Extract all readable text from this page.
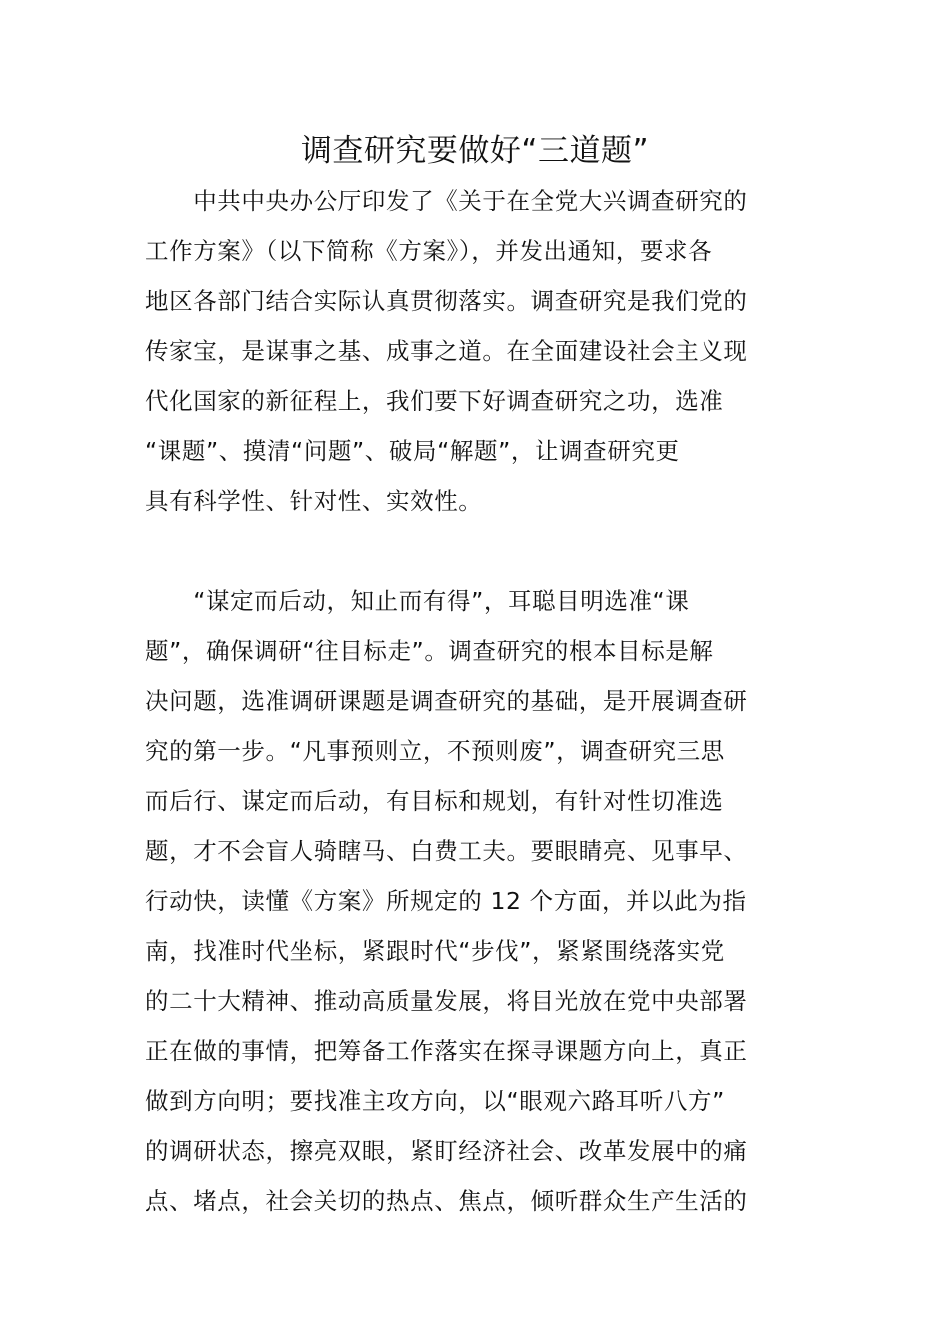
调查研究要做好“三道题”
　　中共中央办公厅印发了《关于在全党大兴调查研究的
工作方案》（以下简称《方案》），并发出通知，要求各
地区各部门结合实际认真贯彻落实。调查研究是我们党的
传家宝，是谋事之基、成事之道。在全面建设社会主义现
代化国家的新征程上，我们要下好调查研究之功，选准
“课题”、摸清“问题”、破局“解题”，让调查研究更
具有科学性、针对性、实效性。
　　“谋定而后动，知止而有得”，耳聪目明选准“课
题”，确保调研“往目标走”。调查研究的根本目标是解
决问题，选准调研课题是调查研究的基础，是开展调查研
究的第一步。“凡事预则立，不预则废”，调查研究三思
而后行、谋定而后动，有目标和规划，有针对性切准选
题，才不会盲人骑瞎马、白费工夫。要眼睛亮、见事早、
行动快，读懂《方案》所规定的 12 个方面，并以此为指
南，找准时代坐标，紧跟时代“步伐”，紧紧围绕落实党
的二十大精神、推动高质量发展，将目光放在党中央部署
正在做的事情，把筹备工作落实在探寻课题方向上，真正
做到方向明；要找准主攻方向，以“眼观六路耳听八方”
的调研状态，擦亮双眼，紧盯经济社会、改革发展中的痛
点、堵点，社会关切的热点、焦点，倾听群众生产生活的
